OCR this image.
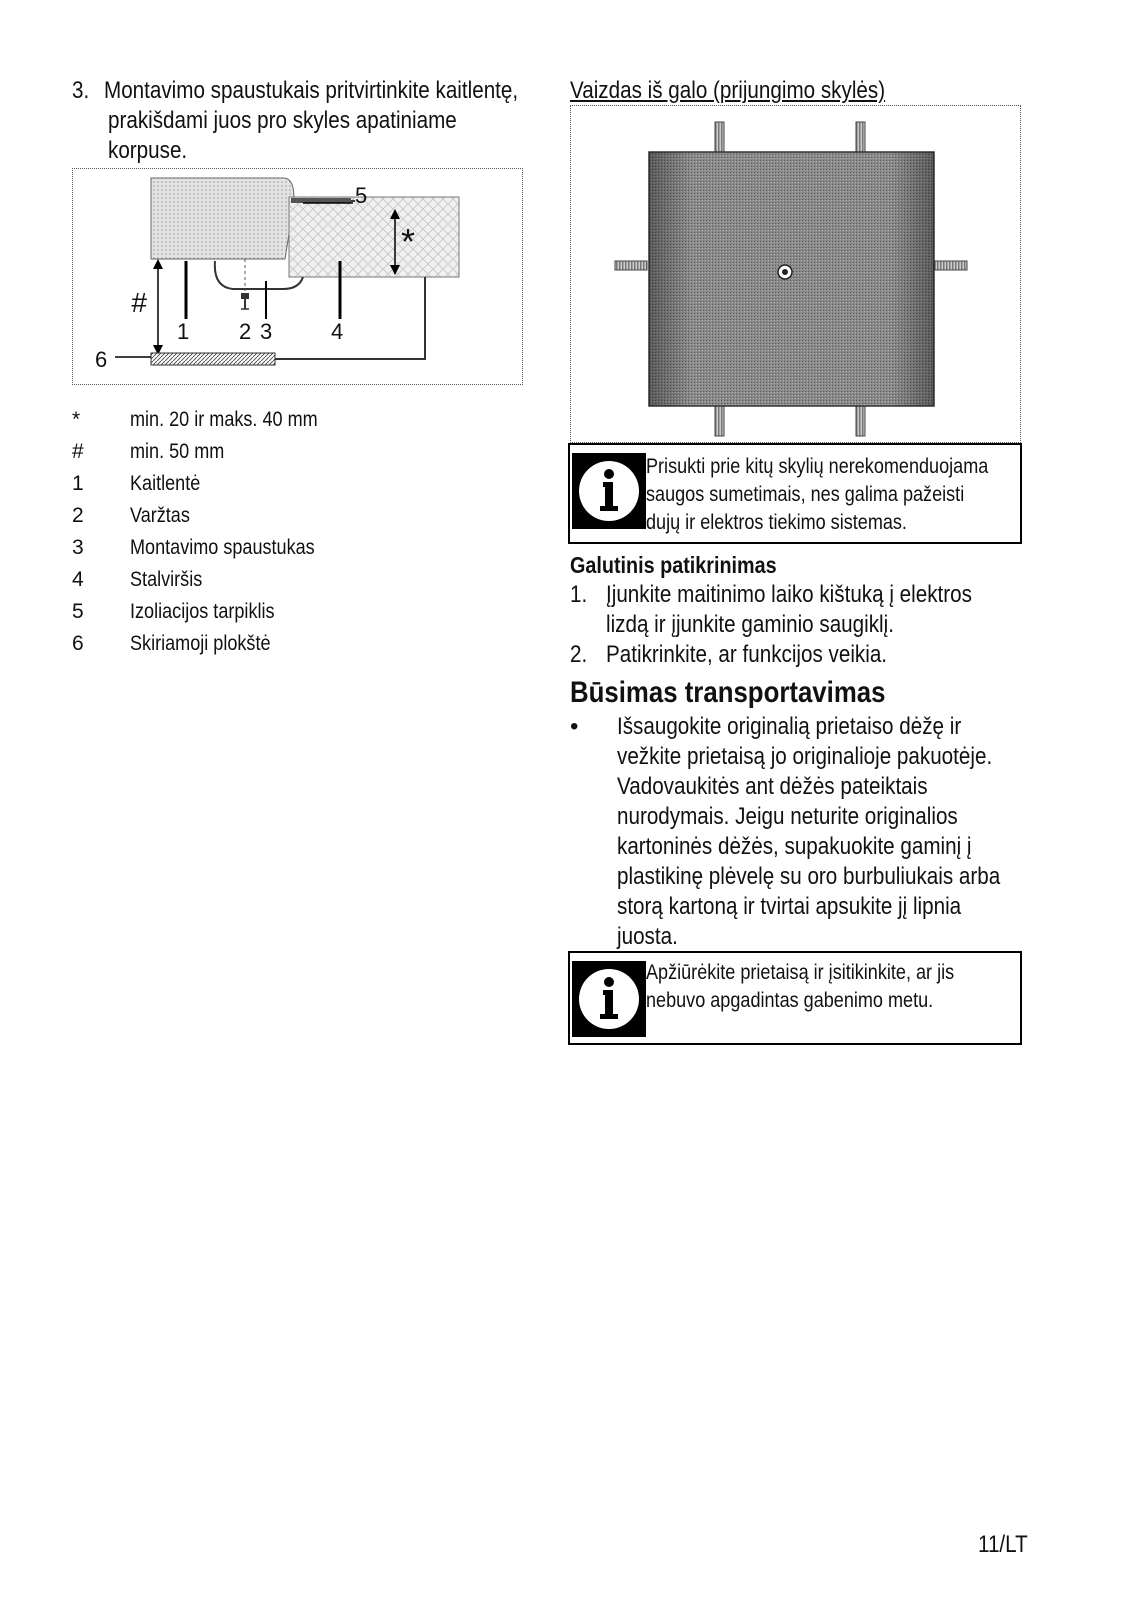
3. Montavimo spaustukais pritvirtinkite kaitlentę,
prakišdami juos pro skyles apatiniame
korpuse.
5
*
#
1 2 3	4
6
*	min. 20 ir maks. 40 mm
#	min. 50 mm
1	Kaitlentė
2	Varžtas
3	Montavimo spaustukas
4	Stalviršis
5	Izoliacijos tarpiklis
6	Skiriamoji plokštė
Vaizdas iš galo (prijungimo skylės)
Prisukti prie kitų skylių nerekomenduojama
saugos sumetimais, nes galima pažeisti
dujų ir elektros tiekimo sistemas.
Galutinis patikrinimas
1. Įjunkite maitinimo laiko kištuką į elektros
lizdą ir įjunkite gaminio saugiklį.
2. Patikrinkite, ar funkcijos veikia.
Būsimas transportavimas
• Išsaugokite originalią prietaiso dėžę ir
vežkite prietaisą jo originalioje pakuotėje.
Vadovaukitės ant dėžės pateiktais
nurodymais. Jeigu neturite originalios
kartoninės dėžės, supakuokite gaminį į
plastikinę plėvelę su oro burbuliukais arba
storą kartoną ir tvirtai apsukite jį lipnia
juosta.
Apžiūrėkite prietaisą ir įsitikinkite, ar jis
nebuvo apgadintas gabenimo metu.
11/LT
